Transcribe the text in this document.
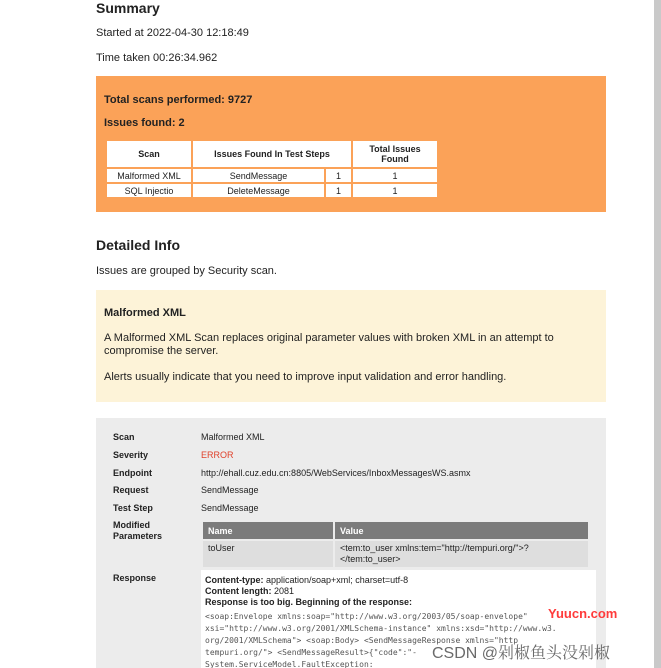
Summary
Started at 2022-04-30 12:18:49
Time taken 00:26:34.962
Total scans performed: 9727
Issues found: 2
Scan	Issues Found In Test Steps		Total Issues Found
Malformed XML	SendMessage	1	1
SQL Injectio	DeleteMessage	1	1
Detailed Info
Issues are grouped by Security scan.
Malformed XML
A Malformed XML Scan replaces original parameter values with broken XML in an attempt to compromise the server.
Alerts usually indicate that you need to improve input validation and error handling.
Scan	Malformed XML
Severity	ERROR
Endpoint	http://ehall.cuz.edu.cn:8805/WebServices/InboxMessagesWS.asmx
Request	SendMessage
Test Step	SendMessage
Modified Parameters
Name	Value
toUser	<tem:to_user xmlns:tem="http://tempuri.org/">?</tem:to_user>
Response	Content-type: application/soap+xml; charset=utf-8
Content length: 2081
Response is too big. Beginning of the response:
<soap:Envelope xmlns:soap="http://www.w3.org/2003/05/soap-envelope"
xsi="http://www.w3.org/2001/XMLSchema-instance" xmlns:xsd="http://www.w3.
org/2001/XMLSchema"> <soap:Body> <SendMessageResponse xmlns="http
tempuri.org/"> <SendMessageResult>{"code":"-
System.ServiceModel.FaultException:
Yuucn.com
CSDN @剁椒鱼头没剁椒
